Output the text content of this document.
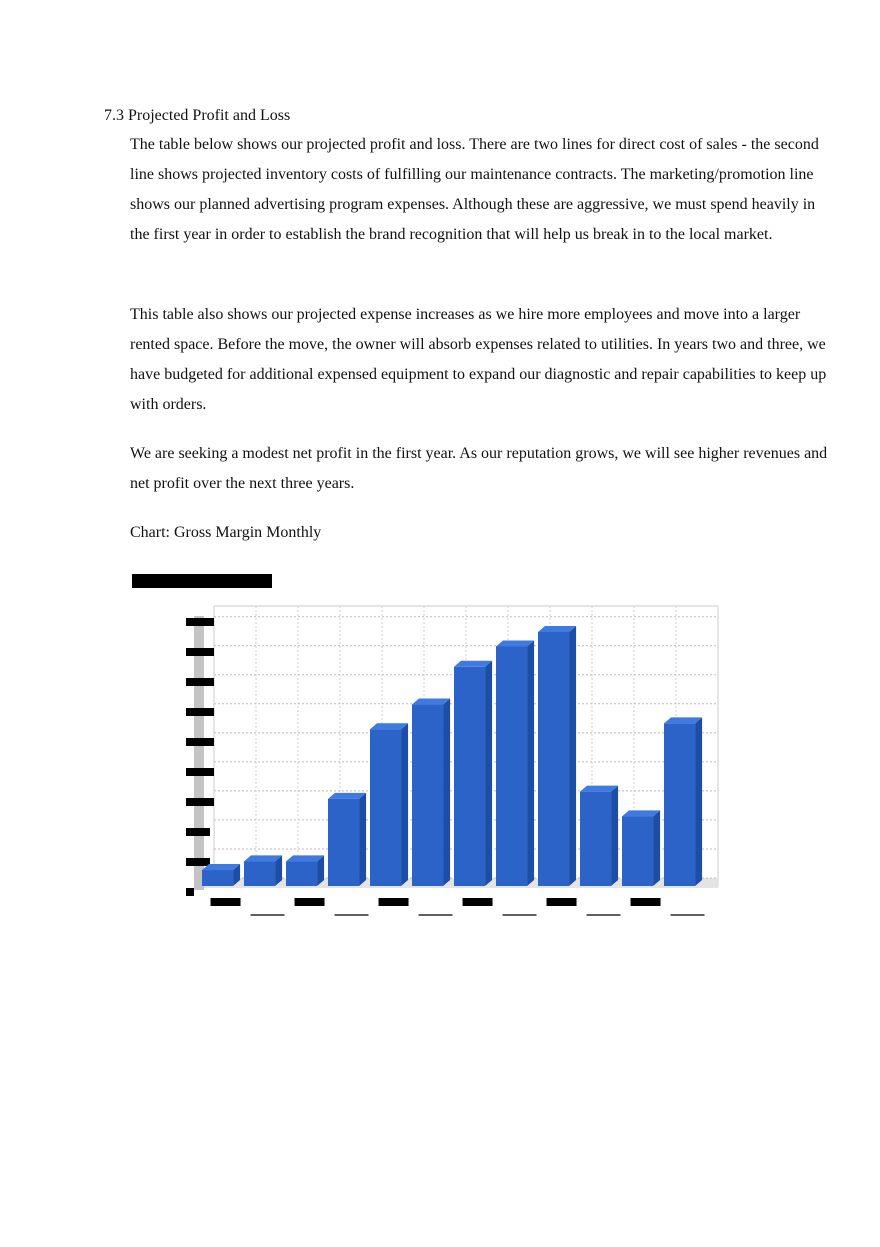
7.3 Projected Profit and Loss

The table below shows our projected profit and loss. There are two lines for direct cost of sales - the second line shows projected inventory costs of fulfilling our maintenance contracts. The marketing/promotion line shows our planned advertising program expenses. Although these are aggressive, we must spend heavily in the first year in order to establish the brand recognition that will help us break in to the local market.

This table also shows our projected expense increases as we hire more employees and move into a larger rented space. Before the move, the owner will absorb expenses related to utilities. In years two and three, we have budgeted for additional expensed equipment to expand our diagnostic and repair capabilities to keep up with orders.

We are seeking a modest net profit in the first year. As our reputation grows, we will see higher revenues and net profit over the next three years.

Chart: Gross Margin Monthly
